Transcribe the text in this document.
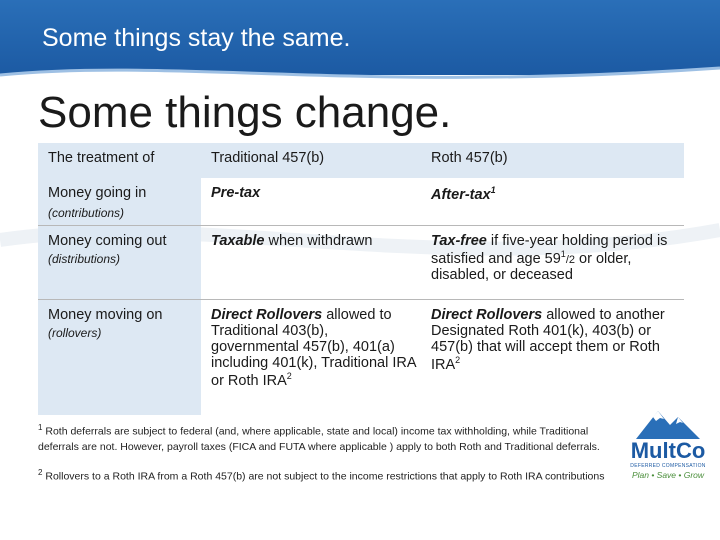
Some things stay the same.
Some things change.
The treatment of	Traditional 457(b)	Roth 457(b)
Money going in
(contributions)	Pre-tax	After-tax$^1$
Money coming out
(distributions)	Taxable when withdrawn	Tax-free if five-year holding period is satisfied and age $59^1/2$ or older, disabled, or deceased
Money moving on
(rollovers)	Direct Rollovers allowed to Traditional 403(b), governmental 457(b), 401(a) including 401(k), Traditional IRA or Roth IRA$^2$	Direct Rollovers allowed to another Designated Roth 401(k), 403(b) or 457(b) that will accept them or Roth IRA$^2$
$^1$ Roth deferrals are subject to federal (and, where applicable, state and local) income tax withholding, while Traditional deferrals are not. However, payroll taxes (FICA and FUTA where applicable ) apply to both Roth and Traditional deferrals.
$^2$ Rollovers to a Roth IRA from a Roth 457(b) are not subject to the income restrictions that apply to Roth IRA contributions
MultCo
DEFERRED COMPENSATION
Plan • Save • Grow
